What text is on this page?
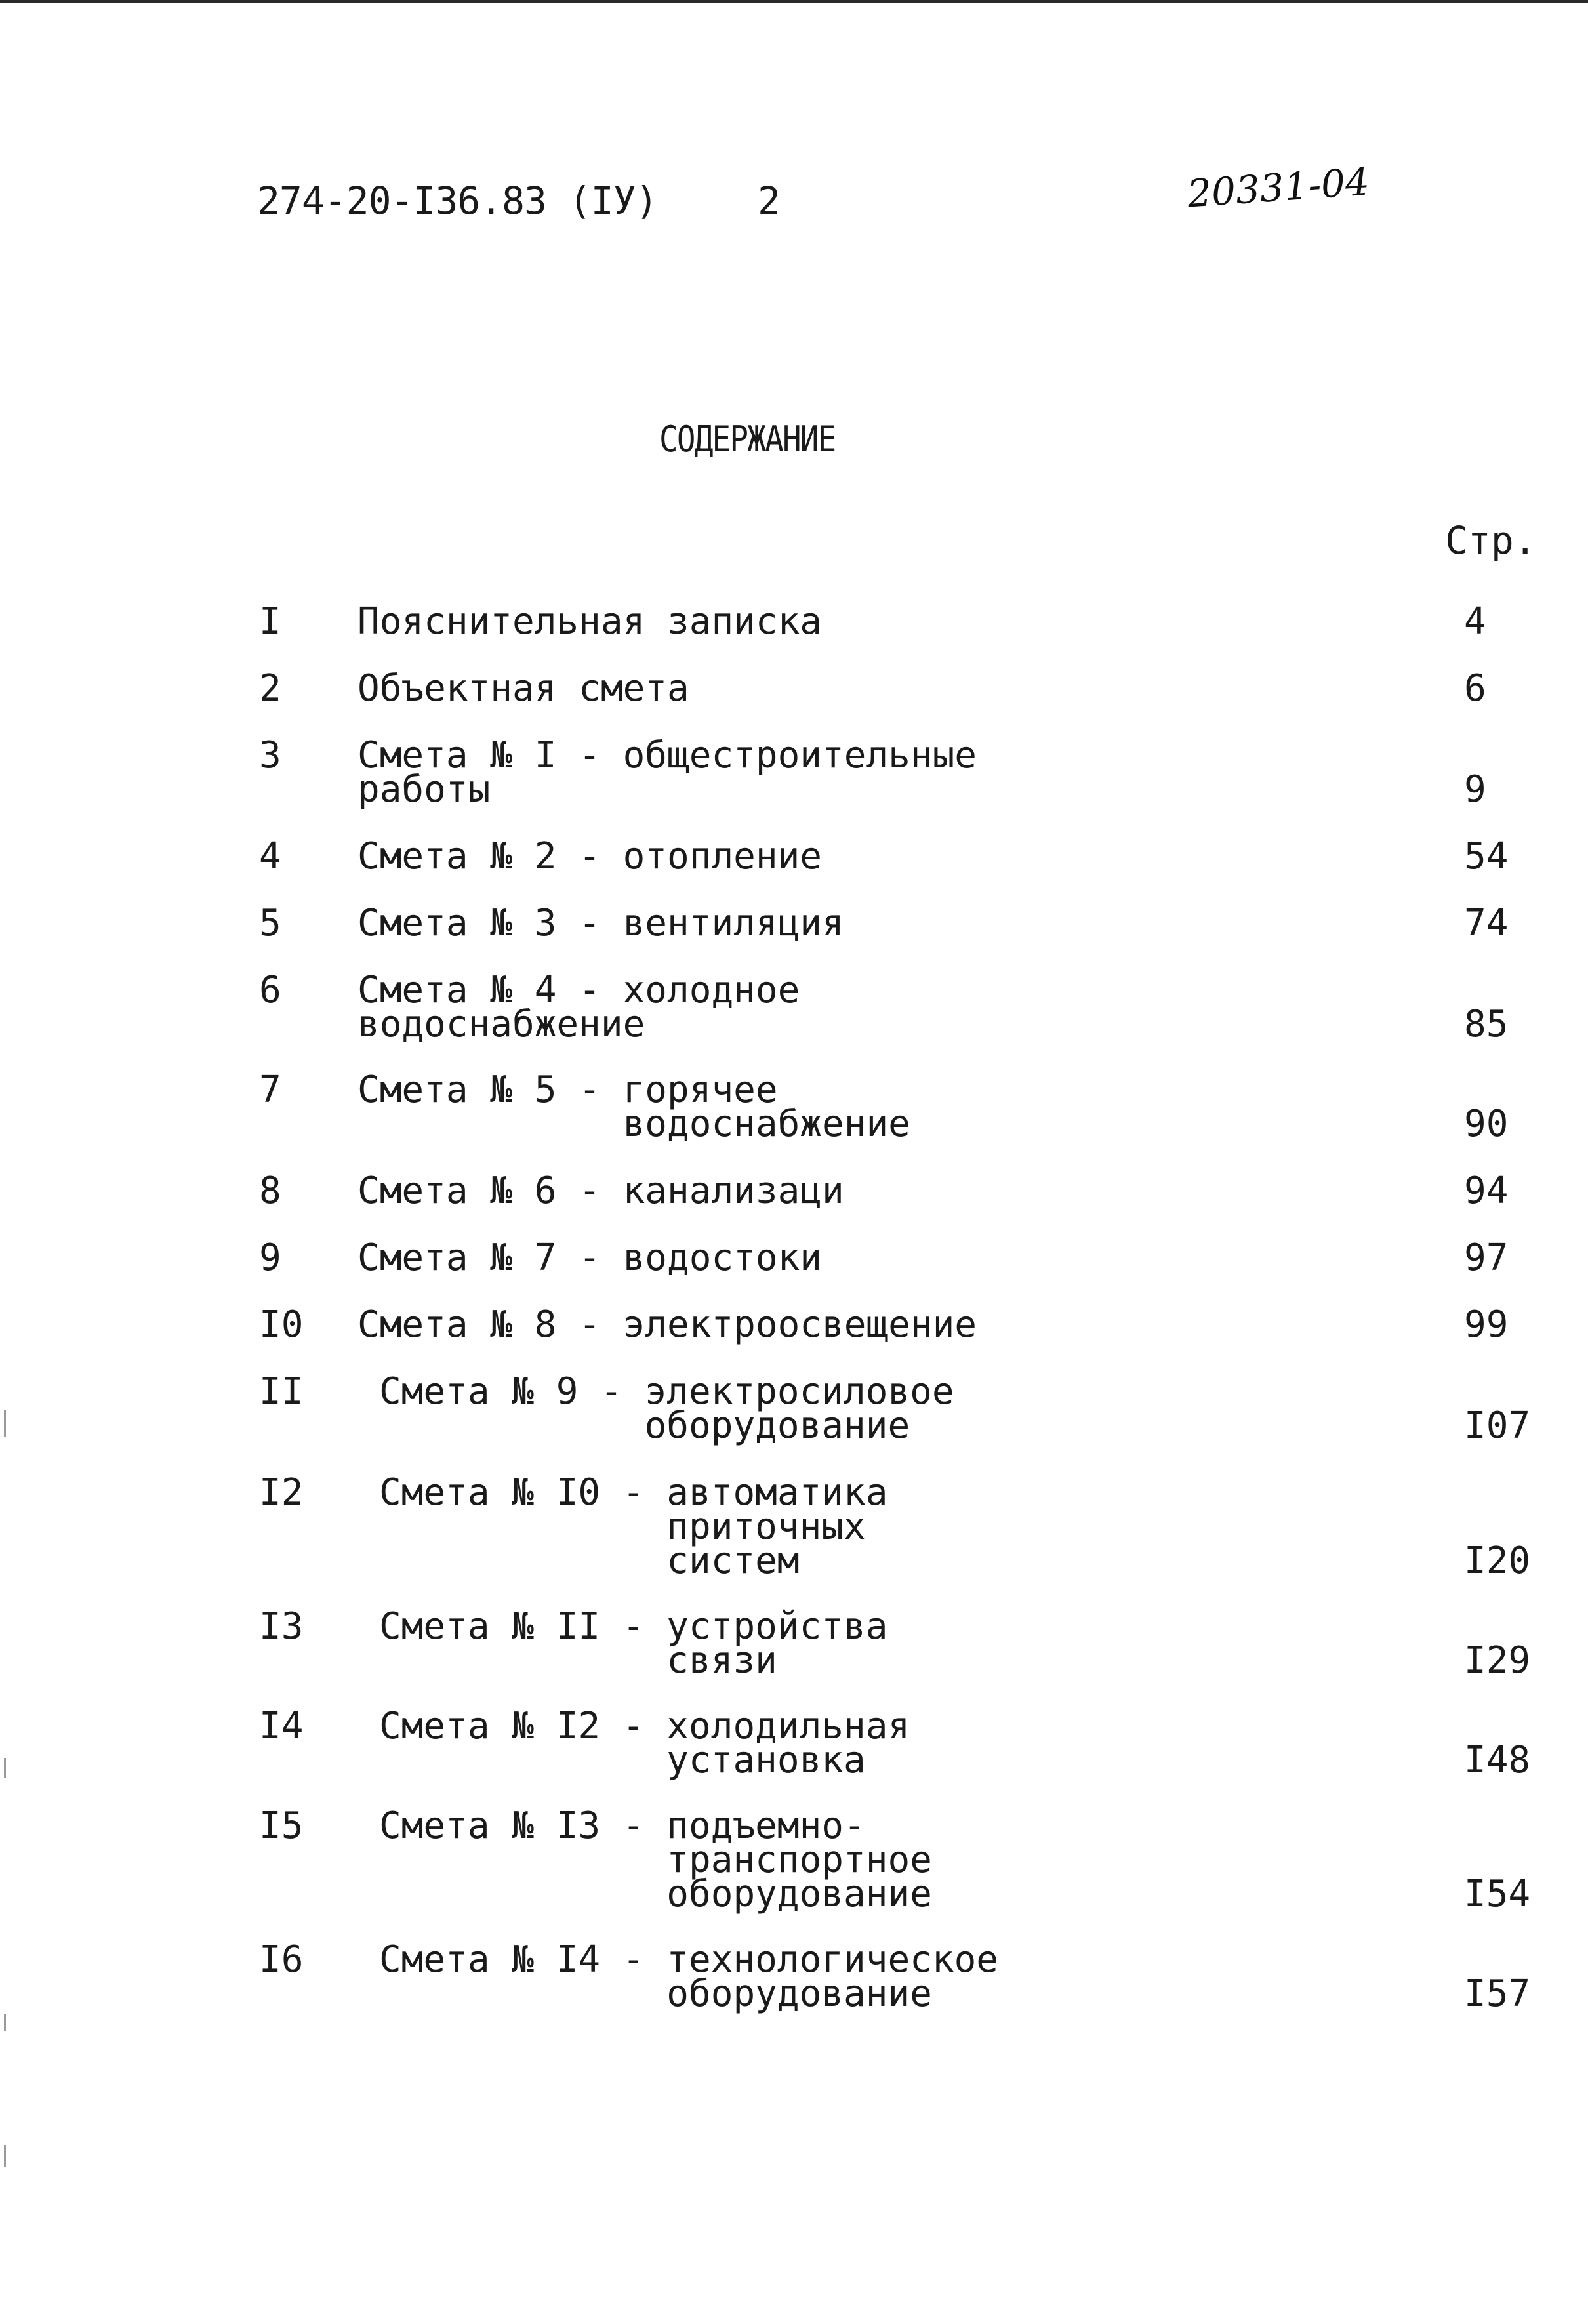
274-20-I36.83 (IУ)	2	20331-04
СОДЕРЖАНИЕ
Стр.
I Пояснительная записка	4
2 Объектная смета	6
3 Смета № I - общестроительные
работы	9
4 Смета № 2 - отопление	54
5 Смета № 3 - вентиляция	74
6 Смета № 4 - холодное
водоснабжение	85
7 Смета № 5 - горячее
водоснабжение	90
8 Смета № 6 - канализаци	94
9 Смета № 7 - водостоки	97
I0 Смета № 8 - электроосвещение	99
II Смета № 9 - электросиловое
оборудование	I07
I2 Смета № I0 - автоматика
приточных
систем	I20
I3 Смета № II - устройства
связи	I29
I4 Смета № I2 - холодильная
установка	I48
I5 Смета № I3 - подъемно-
транспортное
оборудование	I54
I6 Смета № I4 - технологическое
оборудование	I57
